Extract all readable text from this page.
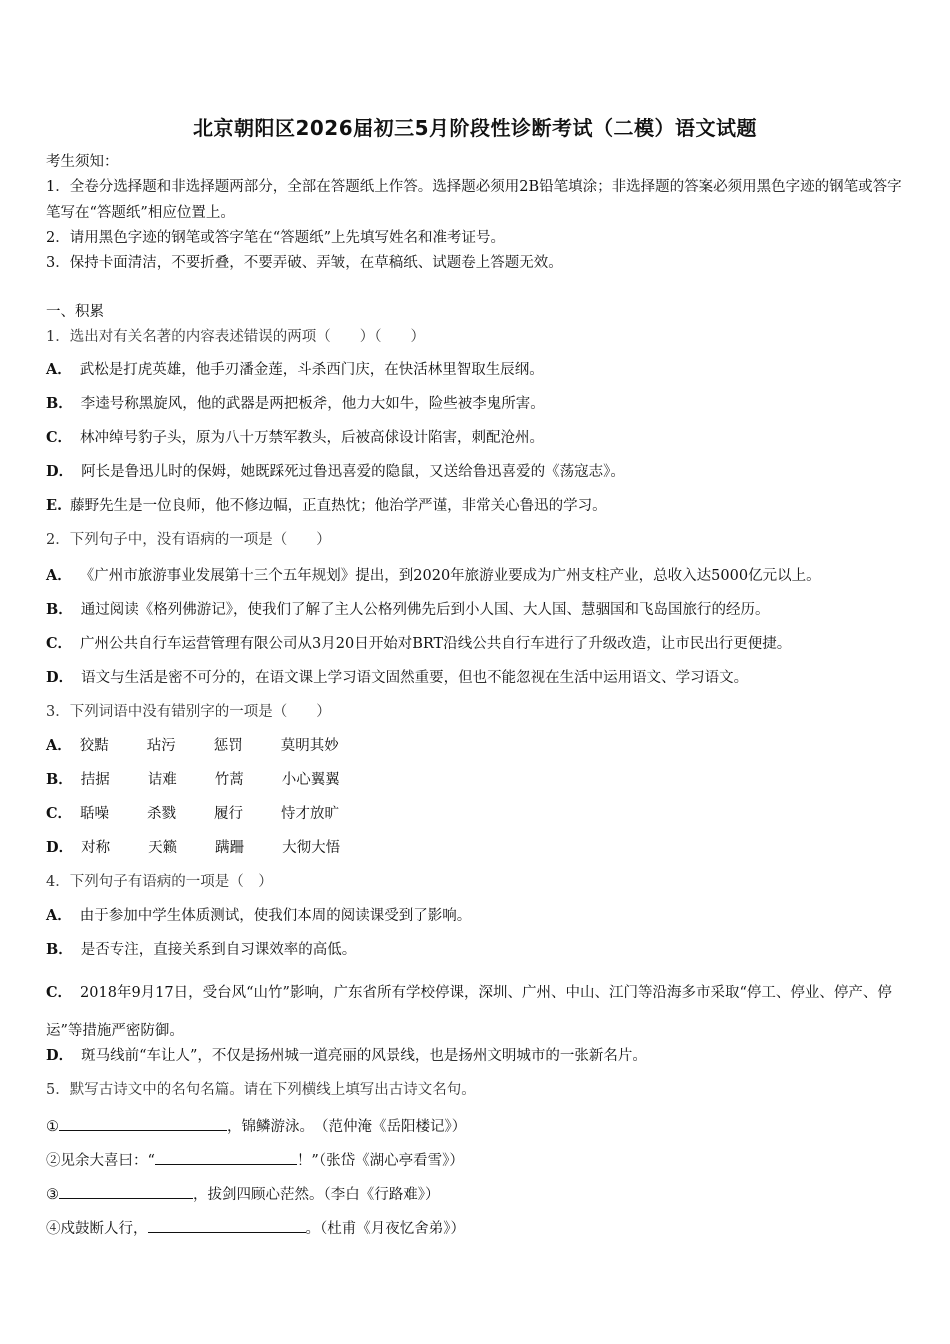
北京朝阳区2026届初三5月阶段性诊断考试（二模）语文试题
考生须知：
1．全卷分选择题和非选择题两部分，全部在答题纸上作答。选择题必须用2B铅笔填涂；非选择题的答案必须用黑色字迹的钢笔或答字笔写在“答题纸”相应位置上。
2．请用黑色字迹的钢笔或答字笔在“答题纸”上先填写姓名和准考证号。
3．保持卡面清洁，不要折叠，不要弄破、弄皱，在草稿纸、试题卷上答题无效。
一、积累
1．选出对有关名著的内容表述错误的两项（　　）（　　）
A． 武松是打虎英雄，他手刃潘金莲，斗杀西门庆，在快活林里智取生辰纲。
B． 李逵号称黑旋风，他的武器是两把板斧，他力大如牛，险些被李鬼所害。
C． 林冲绰号豹子头，原为八十万禁军教头，后被高俅设计陷害，刺配沧州。
D． 阿长是鲁迅儿时的保姆，她既踩死过鲁迅喜爱的隐鼠，又送给鲁迅喜爱的《荡寇志》。
E. 藤野先生是一位良师，他不修边幅，正直热忱；他治学严谨，非常关心鲁迅的学习。
2．下列句子中，没有语病的一项是（　　）
A． 《广州市旅游事业发展第十三个五年规划》提出，到2020年旅游业要成为广州支柱产业，总收入达5000亿元以上。
B． 通过阅读《格列佛游记》，使我们了解了主人公格列佛先后到小人国、大人国、慧骃国和飞岛国旅行的经历。
C． 广州公共自行车运营管理有限公司从3月20日开始对BRT沿线公共自行车进行了升级改造，让市民出行更便捷。
D． 语文与生活是密不可分的，在语文课上学习语文固然重要，但也不能忽视在生活中运用语文、学习语文。
3．下列词语中没有错别字的一项是（　　）
A． 狡黠	玷污	惩罚	莫明其妙
B． 拮据	诘难	竹蒿	小心翼翼
C． 聒噪	杀戮	履行	恃才放旷
D． 对称	天籁	蹒跚	大彻大悟
4．下列句子有语病的一项是（　）
A． 由于参加中学生体质测试，使我们本周的阅读课受到了影响。
B． 是否专注，直接关系到自习课效率的高低。
C． 2018年9月17日，受台风“山竹”影响，广东省所有学校停课，深圳、广州、中山、江门等沿海多市采取“停工、停业、停产、停运”等措施严密防御。
D． 斑马线前“车让人”，不仅是扬州城一道亮丽的风景线，也是扬州文明城市的一张新名片。
5．默写古诗文中的名句名篇。请在下列横线上填写出古诗文名句。
①	，锦鳞游泳。　（范仲淹《岳阳楼记》）
②见余大喜曰：“	！”（张岱《湖心亭看雪》）
③	，拔剑四顾心茫然。（李白《行路难》）
④戍鼓断人行，	。（杜甫《月夜忆舍弟》）
